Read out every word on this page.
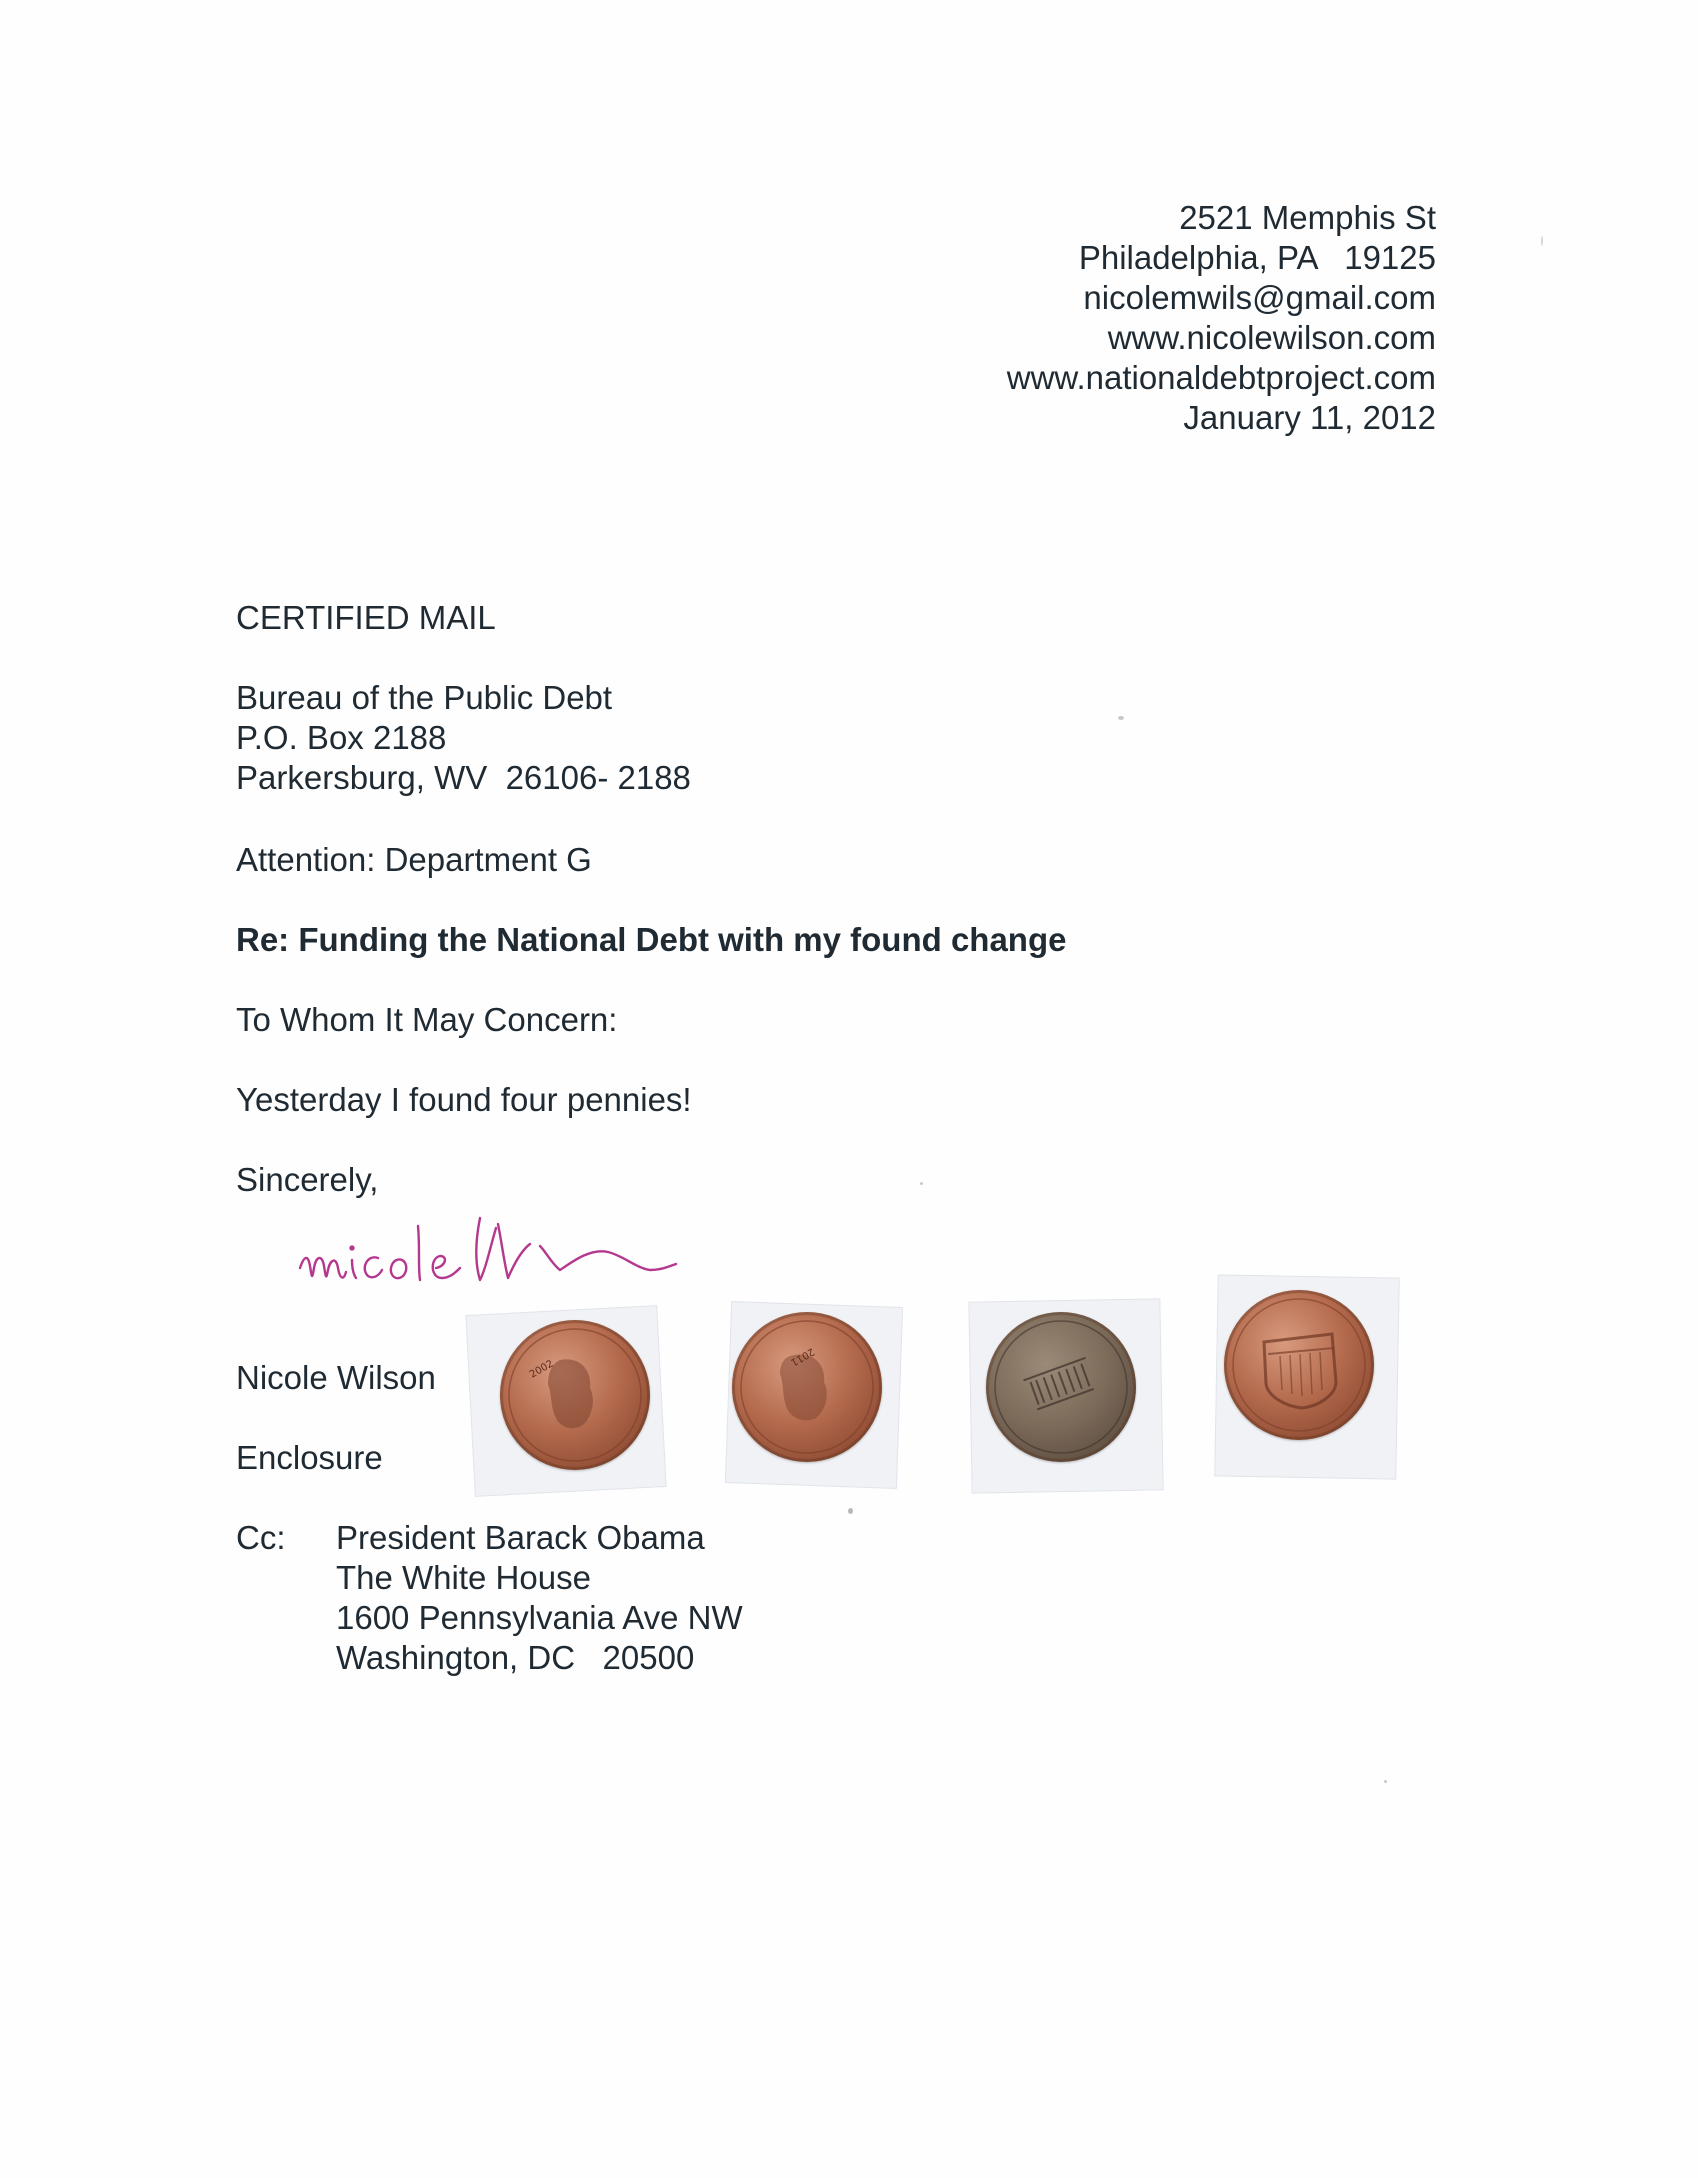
2521 Memphis St
Philadelphia, PA   19125
nicolemwils@gmail.com
www.nicolewilson.com
www.nationaldebtproject.com
January 11, 2012
CERTIFIED MAIL
Bureau of the Public Debt
P.O. Box 2188
Parkersburg, WV  26106- 2188
Attention: Department G
Re: Funding the National Debt with my found change
To Whom It May Concern:
Yesterday I found four pennies!
Sincerely,
Nicole Wilson
Enclosure
Cc:	President Barack Obama
The White House
1600 Pennsylvania Ave NW
Washington, DC   20500
2002
2011
